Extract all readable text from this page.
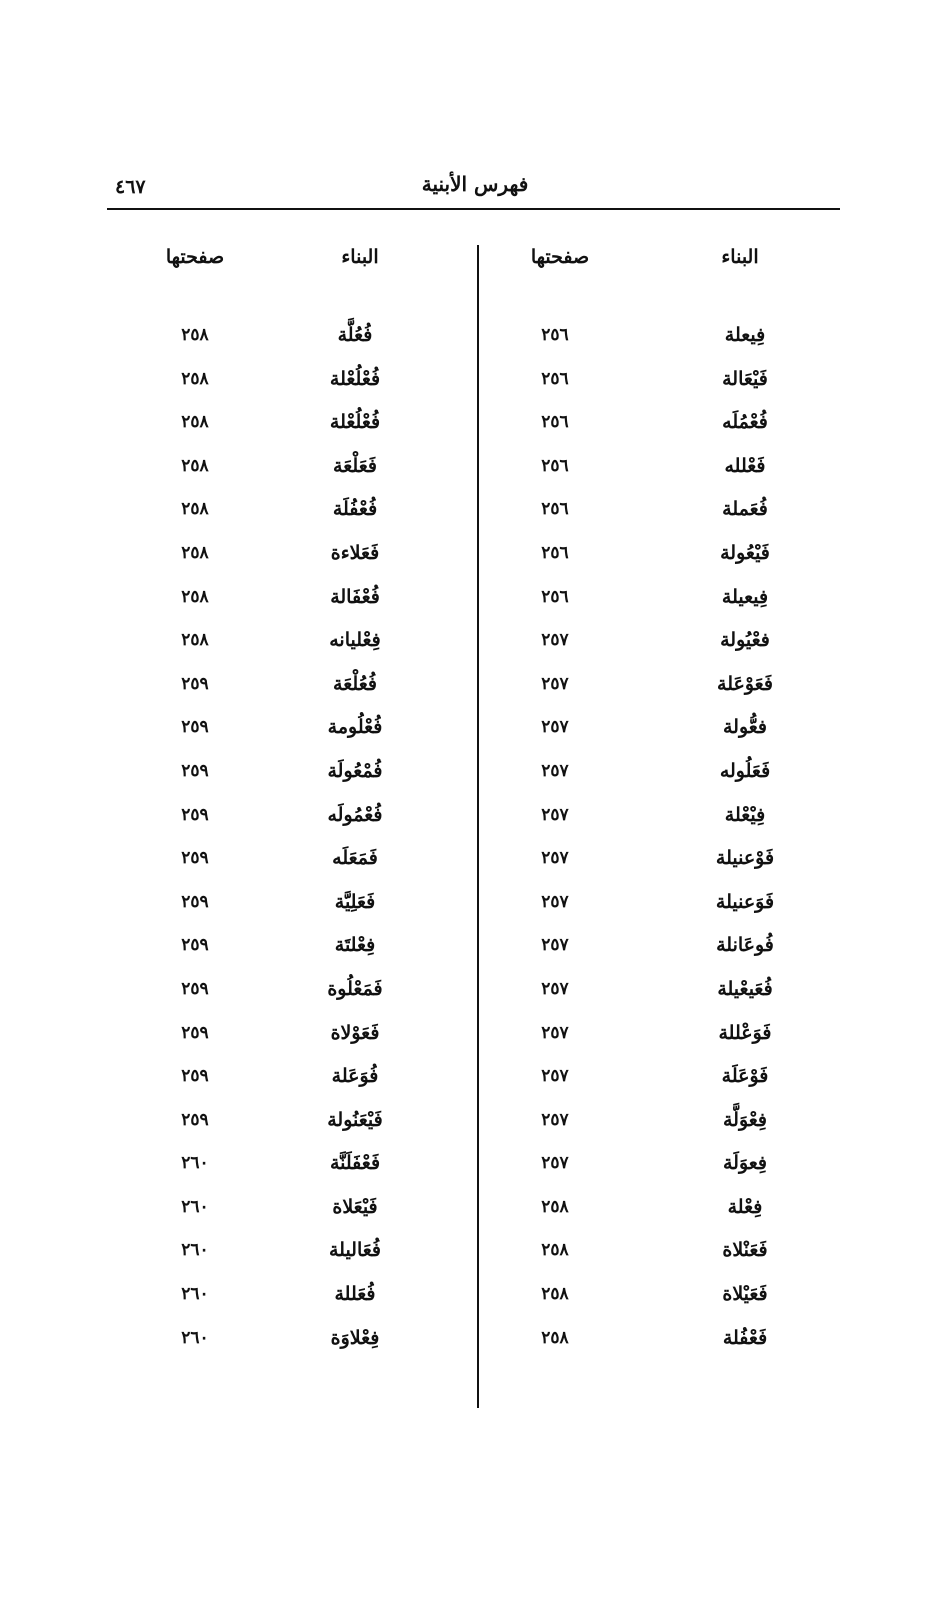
٤٦٧	فهرس الأبنية
البناء
صفحتها
البناء
صفحتها
فِيعلة
٢٥٦
فَيْعَالة
٢٥٦
فُعْمُلَه
٢٥٦
فَعْلله
٢٥٦
فُعَملة
٢٥٦
فَيْعُولة
٢٥٦
فِيعيلة
٢٥٦
فعْيُولة
٢٥٧
فَعَوْعَلة
٢٥٧
فعُّولة
٢٥٧
فَعَلُوله
٢٥٧
فِيْعْلة
٢٥٧
فَوْعنيلة
٢٥٧
فَوَعنيلة
٢٥٧
فُوعَانلة
٢٥٧
فُعَيعْيلة
٢٥٧
فَوَعْللة
٢٥٧
فَوْعَلَة
٢٥٧
فِعْوَلَّة
٢٥٧
فِعوَلَة
٢٥٧
فِعْلة
٢٥٨
فَعَنْلاة
٢٥٨
فَعَيْلاة
٢٥٨
فَعْفُلة
٢٥٨
فُعُلَّة
٢٥٨
فُعْلُعْلة
٢٥٨
فُعْلُعْلة
٢٥٨
فَعَلْعَة
٢٥٨
فُعْفُلَة
٢٥٨
فَعَلاءة
٢٥٨
فُعْفَالة
٢٥٨
فِعْليانه
٢٥٨
فُعُلْعَة
٢٥٩
فُعْلُومة
٢٥٩
فُمْعُولَة
٢٥٩
فُعْمُولَه
٢٥٩
فَمَعَلَه
٢٥٩
فَعَلِيَّة
٢٥٩
فِعْلتَة
٢٥٩
فَمَعْلُوة
٢٥٩
فَعَوْلاة
٢٥٩
فُوَعَلة
٢٥٩
فَيْعَنُولة
٢٥٩
فَعْفَلَنَّة
٢٦٠
فَيْعَلاة
٢٦٠
فُعَاليلة
٢٦٠
فُعَللة
٢٦٠
فِعْلاوَة
٢٦٠
